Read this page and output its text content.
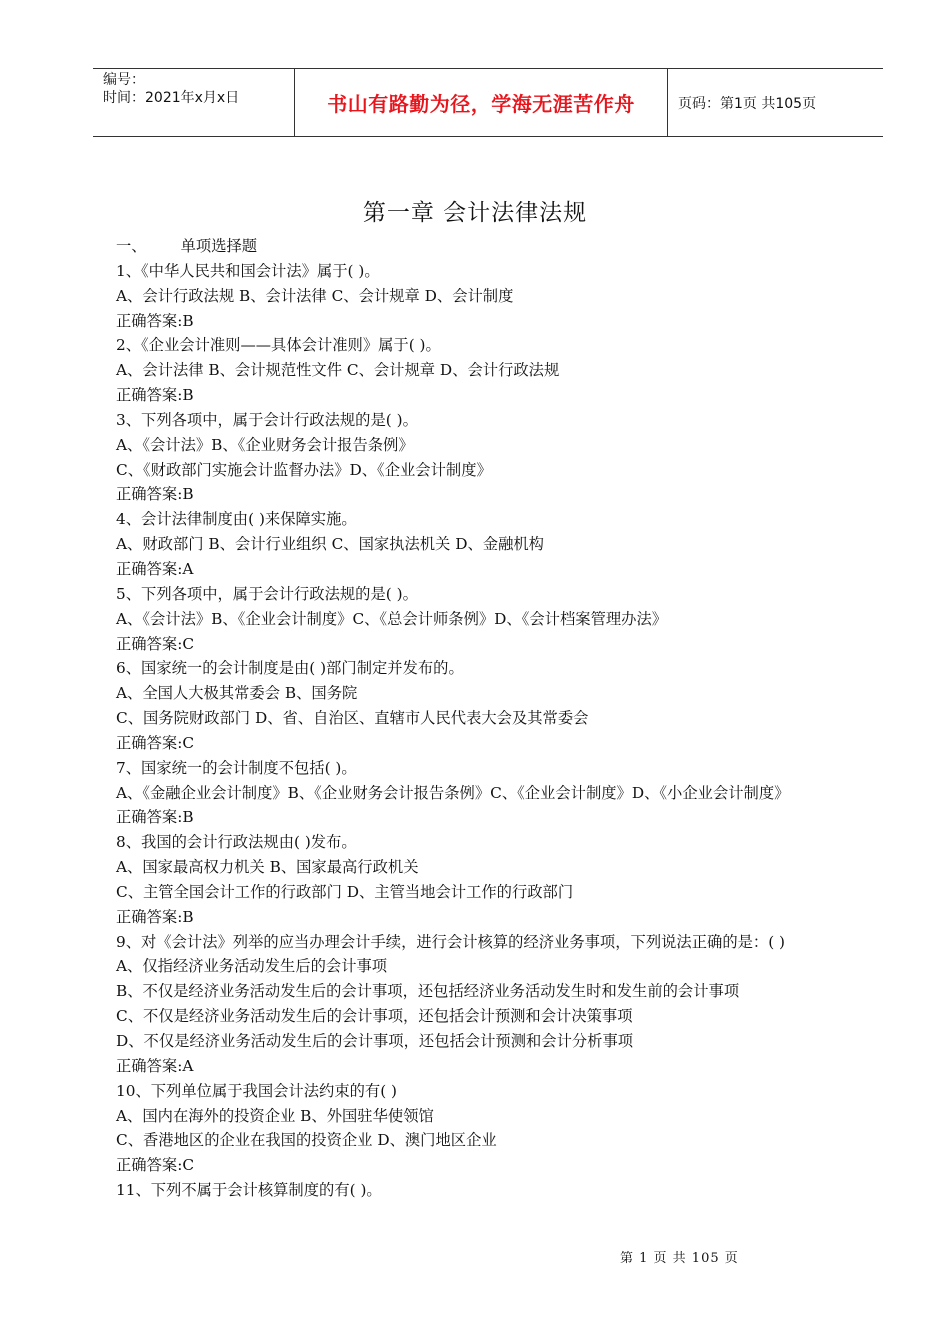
编号：
时间：2021年x月x日	书山有路勤为径，学海无涯苦作舟	页码：第1页 共105页
第一章 会计法律法规
一、 单项选择题
1、《中华人民共和国会计法》属于( )。
A、会计行政法规 B、会计法律 C、会计规章 D、会计制度
正确答案:B
2、《企业会计准则——具体会计准则》属于( )。
A、会计法律 B、会计规范性文件 C、会计规章 D、会计行政法规
正确答案:B
3、下列各项中，属于会计行政法规的是( )。
A、《会计法》B、《企业财务会计报告条例》
C、《财政部门实施会计监督办法》D、《企业会计制度》
正确答案:B
4、会计法律制度由( )来保障实施。
A、财政部门 B、会计行业组织 C、国家执法机关 D、金融机构
正确答案:A
5、下列各项中，属于会计行政法规的是( )。
A、《会计法》B、《企业会计制度》C、《总会计师条例》D、《会计档案管理办法》
正确答案:C
6、国家统一的会计制度是由( )部门制定并发布的。
A、全国人大极其常委会 B、国务院
C、国务院财政部门 D、省、自治区、直辖市人民代表大会及其常委会
正确答案:C
7、国家统一的会计制度不包括( )。
A、《金融企业会计制度》B、《企业财务会计报告条例》C、《企业会计制度》D、《小企业会计制度》
正确答案:B
8、我国的会计行政法规由( )发布。
A、国家最高权力机关 B、国家最高行政机关
C、主管全国会计工作的行政部门 D、主管当地会计工作的行政部门
正确答案:B
9、对《会计法》列举的应当办理会计手续，进行会计核算的经济业务事项，下列说法正确的是：( )
A、仅指经济业务活动发生后的会计事项
B、不仅是经济业务活动发生后的会计事项，还包括经济业务活动发生时和发生前的会计事项
C、不仅是经济业务活动发生后的会计事项，还包括会计预测和会计决策事项
D、不仅是经济业务活动发生后的会计事项，还包括会计预测和会计分析事项
正确答案:A
10、下列单位属于我国会计法约束的有( )
A、国内在海外的投资企业 B、外国驻华使领馆
C、香港地区的企业在我国的投资企业 D、澳门地区企业
正确答案:C
11、下列不属于会计核算制度的有( )。
第 1 页 共 105 页
